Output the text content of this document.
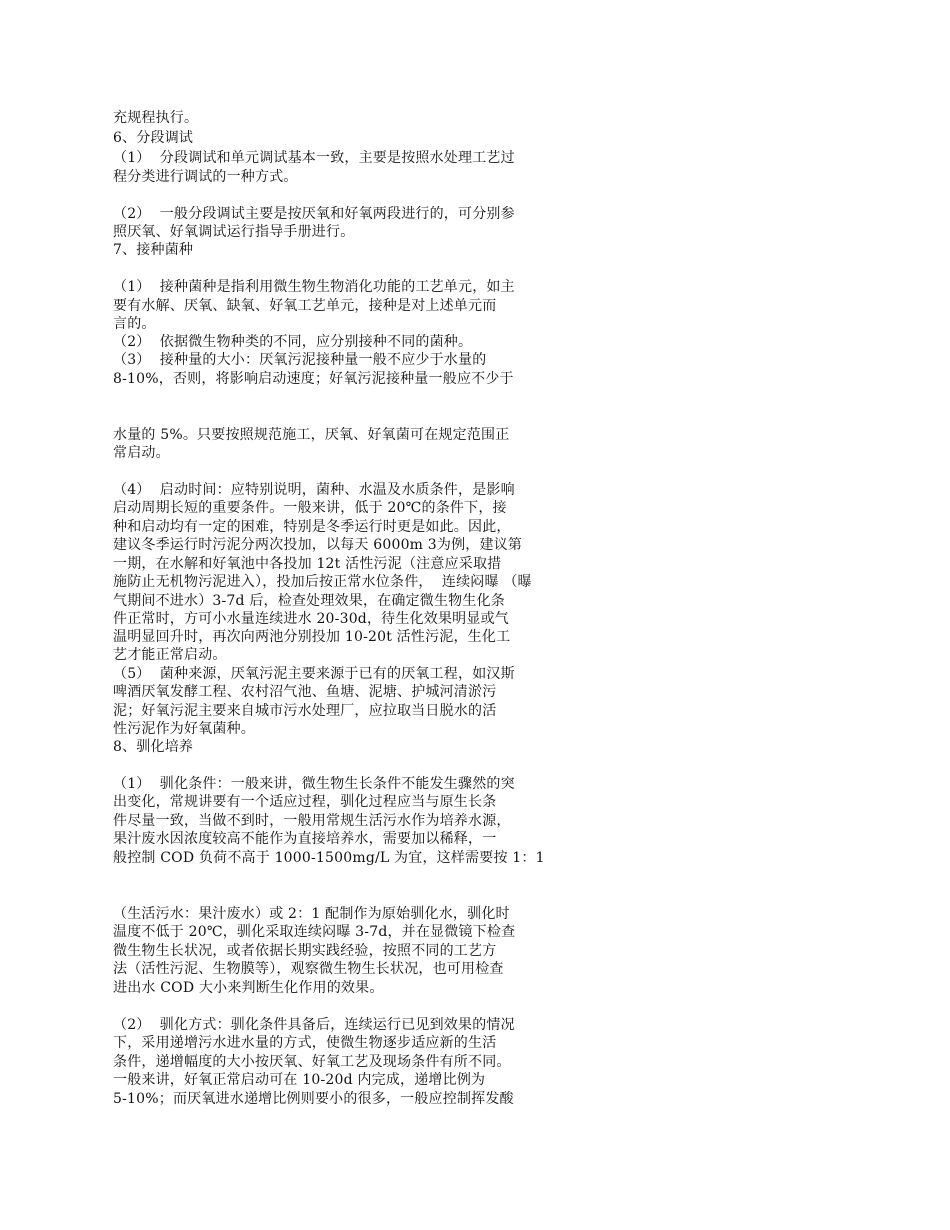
充规程执行。
6、分段调试
（1）  分段调试和单元调试基本一致，主要是按照水处理工艺过
程分类进行调试的一种方式。
（2）  一般分段调试主要是按厌氧和好氧两段进行的，可分别参
照厌氧、好氧调试运行指导手册进行。
7、接种菌种
（1）  接种菌种是指利用微生物生物消化功能的工艺单元，如主
要有水解、厌氧、缺氧、好氧工艺单元，接种是对上述单元而
言的。
（2）  依据微生物种类的不同，应分别接种不同的菌种。
（3）  接种量的大小：厌氧污泥接种量一般不应少于水量的
8-10%，否则，将影响启动速度；好氧污泥接种量一般应不少于
水量的 5%。只要按照规范施工，厌氧、好氧菌可在规定范围正
常启动。
（4）  启动时间：应特别说明，菌种、水温及水质条件，是影响
启动周期长短的重要条件。一般来讲，低于 20℃的条件下，接
种和启动均有一定的困难，特别是冬季运行时更是如此。因此，
建议冬季运行时污泥分两次投加，以每天 6000m 3为例，建议第
一期，在水解和好氧池中各投加 12t 活性污泥（注意应采取措
施防止无机物污泥进入），投加后按正常水位条件，  连续闷曝 （曝
气期间不进水）3-7d 后，检查处理效果，在确定微生物生化条
件正常时，方可小水量连续进水 20-30d，待生化效果明显或气
温明显回升时，再次向两池分别投加 10-20t 活性污泥，生化工
艺才能正常启动。
（5）  菌种来源，厌氧污泥主要来源于已有的厌氧工程，如汉斯
啤酒厌氧发酵工程、农村沼气池、鱼塘、泥塘、护城河清淤污
泥；好氧污泥主要来自城市污水处理厂，应拉取当日脱水的活
性污泥作为好氧菌种。
8、驯化培养
（1）  驯化条件：一般来讲，微生物生长条件不能发生骤然的突
出变化，常规讲要有一个适应过程，驯化过程应当与原生长条
件尽量一致，当做不到时，一般用常规生活污水作为培养水源，
果汁废水因浓度较高不能作为直接培养水，需要加以稀释，一
般控制 COD 负荷不高于 1000-1500mg/L 为宜，这样需要按 1：1
（生活污水：果汁废水）或 2：1 配制作为原始驯化水，驯化时
温度不低于 20℃，驯化采取连续闷曝 3-7d，并在显微镜下检查
微生物生长状况，或者依据长期实践经验，按照不同的工艺方
法（活性污泥、生物膜等），观察微生物生长状况，也可用检查
进出水 COD 大小来判断生化作用的效果。
（2）  驯化方式：驯化条件具备后，连续运行已见到效果的情况
下，采用递增污水进水量的方式，使微生物逐步适应新的生活
条件，递增幅度的大小按厌氧、好氧工艺及现场条件有所不同。
一般来讲，好氧正常启动可在 10-20d 内完成，递增比例为
5-10%；而厌氧进水递增比例则要小的很多，一般应控制挥发酸
